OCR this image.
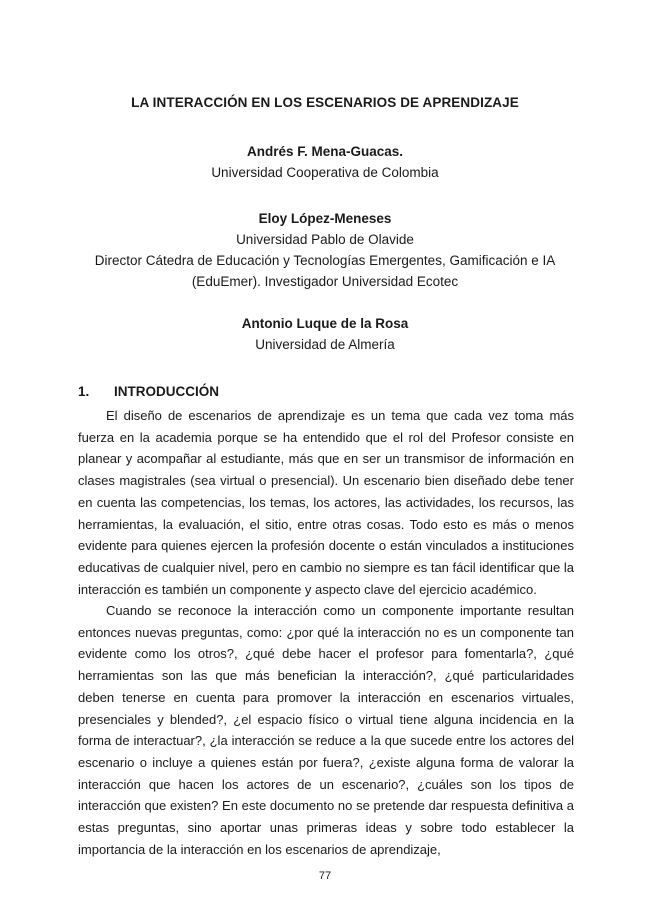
LA INTERACCIÓN EN LOS ESCENARIOS DE APRENDIZAJE
Andrés F. Mena-Guacas.
Universidad Cooperativa de Colombia
Eloy López-Meneses
Universidad Pablo de Olavide
Director Cátedra de Educación y Tecnologías Emergentes, Gamificación e IA
(EduEmer). Investigador Universidad Ecotec
Antonio Luque de la Rosa
Universidad de Almería
1. INTRODUCCIÓN

El diseño de escenarios de aprendizaje es un tema que cada vez toma más fuerza en la academia porque se ha entendido que el rol del Profesor consiste en planear y acompañar al estudiante, más que en ser un transmisor de información en clases magistrales (sea virtual o presencial). Un escenario bien diseñado debe tener en cuenta las competencias, los temas, los actores, las actividades, los recursos, las herramientas, la evaluación, el sitio, entre otras cosas. Todo esto es más o menos evidente para quienes ejercen la profesión docente o están vinculados a instituciones educativas de cualquier nivel, pero en cambio no siempre es tan fácil identificar que la interacción es también un componente y aspecto clave del ejercicio académico.

Cuando se reconoce la interacción como un componente importante resultan entonces nuevas preguntas, como: ¿por qué la interacción no es un componente tan evidente como los otros?, ¿qué debe hacer el profesor para fomentarla?, ¿qué herramientas son las que más benefician la interacción?, ¿qué particularidades deben tenerse en cuenta para promover la interacción en escenarios virtuales, presenciales y blended?, ¿el espacio físico o virtual tiene alguna incidencia en la forma de interactuar?, ¿la interacción se reduce a la que sucede entre los actores del escenario o incluye a quienes están por fuera?, ¿existe alguna forma de valorar la interacción que hacen los actores de un escenario?, ¿cuáles son los tipos de interacción que existen? En este documento no se pretende dar respuesta definitiva a estas preguntas, sino aportar unas primeras ideas y sobre todo establecer la importancia de la interacción en los escenarios de aprendizaje,

77
